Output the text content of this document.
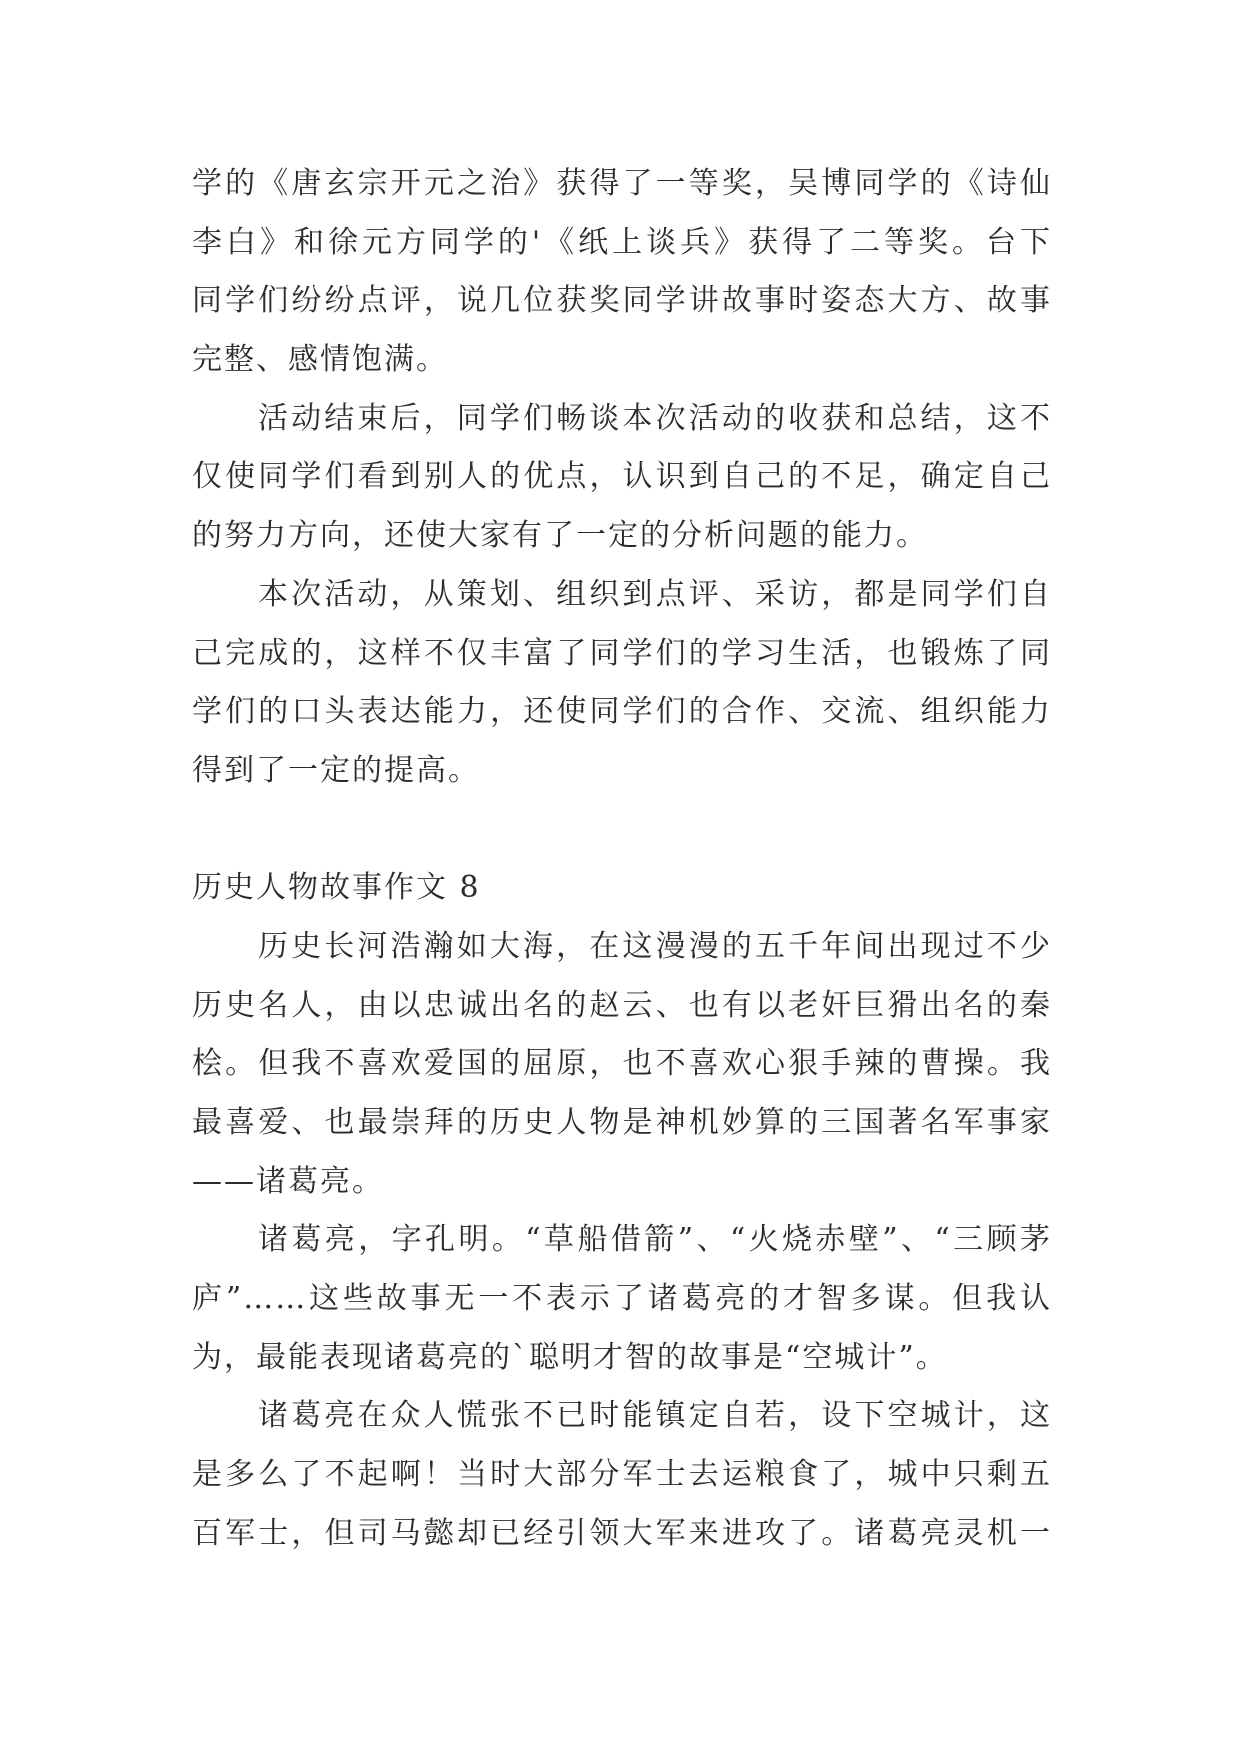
学的《唐玄宗开元之治》获得了一等奖，吴博同学的《诗仙
李白》和徐元方同学的'《纸上谈兵》获得了二等奖。台下
同学们纷纷点评，说几位获奖同学讲故事时姿态大方、故事
完整、感情饱满。
活动结束后，同学们畅谈本次活动的收获和总结，这不
仅使同学们看到别人的优点，认识到自己的不足，确定自己
的努力方向，还使大家有了一定的分析问题的能力。
本次活动，从策划、组织到点评、采访，都是同学们自
己完成的，这样不仅丰富了同学们的学习生活，也锻炼了同
学们的口头表达能力，还使同学们的合作、交流、组织能力
得到了一定的提高。
历史人物故事作文 8
历史长河浩瀚如大海，在这漫漫的五千年间出现过不少
历史名人，由以忠诚出名的赵云、也有以老奸巨猾出名的秦
桧。但我不喜欢爱国的屈原，也不喜欢心狠手辣的曹操。我
最喜爱、也最崇拜的历史人物是神机妙算的三国著名军事家
——诸葛亮。
诸葛亮，字孔明。“草船借箭”、“火烧赤壁”、“三顾茅
庐”……这些故事无一不表示了诸葛亮的才智多谋。但我认
为，最能表现诸葛亮的`聪明才智的故事是“空城计”。
诸葛亮在众人慌张不已时能镇定自若，设下空城计，这
是多么了不起啊！当时大部分军士去运粮食了，城中只剩五
百军士，但司马懿却已经引领大军来进攻了。诸葛亮灵机一
